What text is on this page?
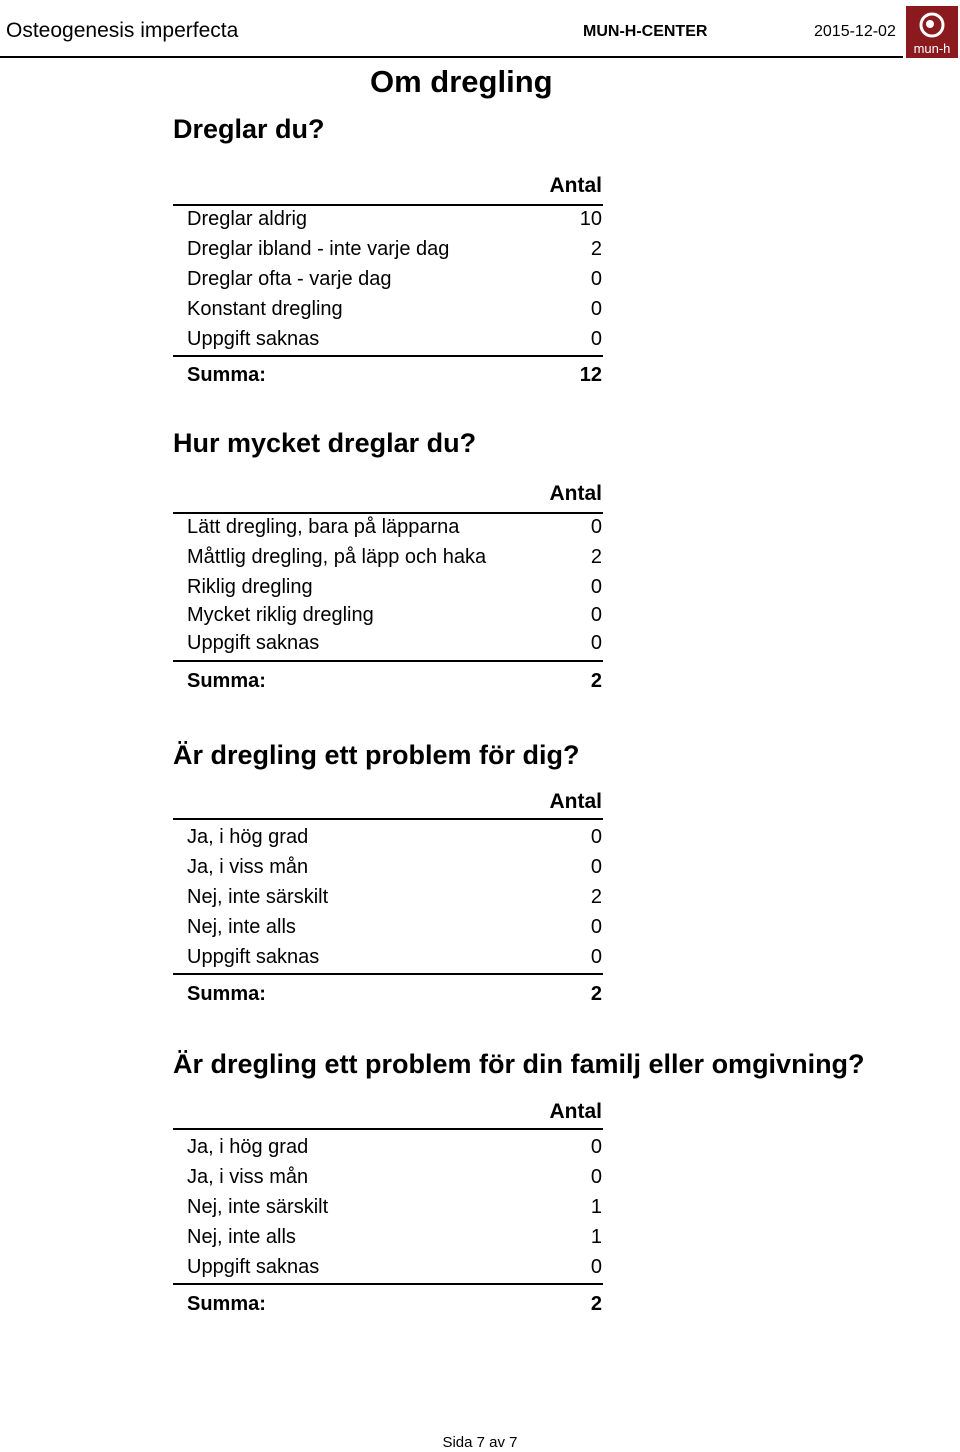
Osteogenesis imperfecta	MUN-H-CENTER	2015-12-02
mun-h
Om dregling
Dreglar du?
Antal
Dreglar aldrig	10
Dreglar ibland - inte varje dag	2
Dreglar ofta - varje dag	0
Konstant dregling	0
Uppgift saknas	0
Summa:	12
Hur mycket dreglar du?
Antal
Lätt dregling, bara på läpparna	0
Måttlig dregling, på läpp och haka	2
Riklig dregling	0
Mycket riklig dregling	0
Uppgift saknas	0
Summa:	2
Är dregling ett problem för dig?
Antal
Ja, i hög grad	0
Ja, i viss mån	0
Nej, inte särskilt	2
Nej, inte alls	0
Uppgift saknas	0
Summa:	2
Är dregling ett problem för din familj eller omgivning?
Antal
Ja, i hög grad	0
Ja, i viss mån	0
Nej, inte särskilt	1
Nej, inte alls	1
Uppgift saknas	0
Summa:	2
Sida 7 av 7
